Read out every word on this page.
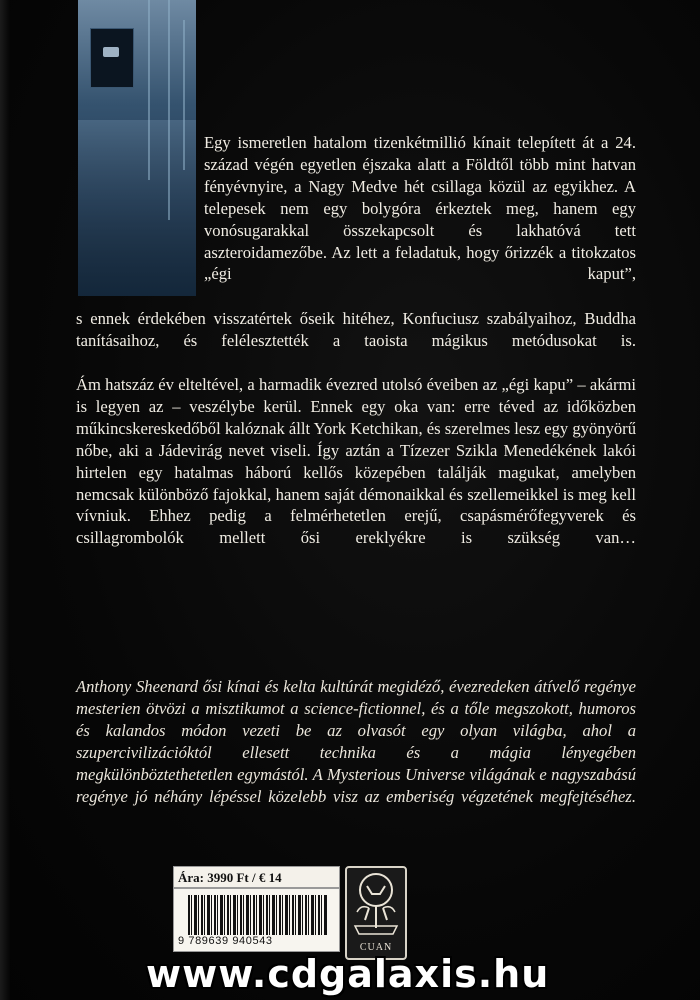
Egy ismeretlen hatalom tizenkétmillió kínait telepített át a 24. század végén egyetlen éjszaka alatt a Földtől több mint hatvan fényévnyire, a Nagy Medve hét csillaga közül az egyikhez. A telepesek nem egy bolygóra érkeztek meg, hanem egy vonósugarakkal összekapcsolt és lakhatóvá tett aszteroidamezőbe. Az lett a feladatuk, hogy őrizzék a titokzatos „égi kaput”,
s ennek érdekében visszatértek őseik hitéhez, Konfuciusz szabályaihoz, Buddha tanításaihoz, és felélesztették a taoista mágikus metódusokat is.
Ám hatszáz év elteltével, a harmadik évezred utolsó éveiben az „égi kapu” – akármi is legyen az – veszélybe kerül. Ennek egy oka van: erre téved az időközben műkincskereskedőből kalóznak állt York Ketchikan, és szerelmes lesz egy gyönyörű nőbe, aki a Jádevirág nevet viseli. Így aztán a Tízezer Szikla Menedékének lakói hirtelen egy hatalmas háború kellős közepében találják magukat, amelyben nemcsak különböző fajokkal, hanem saját démonaikkal és szellemeikkel is meg kell vívniuk. Ehhez pedig a felmérhetetlen erejű, csapásmérőfegyverek és csillagrombolók mellett ősi ereklyékre is szükség van…
Anthony Sheenard ősi kínai és kelta kultúrát megidéző, évezredeken átívelő regénye mesterien ötvözi a misztikumot a science-fictionnel, és a tőle megszokott, humoros és kalandos módon vezeti be az olvasót egy olyan világba, ahol a szupercivilizációktól ellesett technika és a mágia lényegében megkülönböztethetetlen egymástól. A Mysterious Universe világának e nagyszabású regénye jó néhány lépéssel közelebb visz az emberiség végzetének megfejtéséhez.
Ára: 3990 Ft / € 14
9 789639 940543
CUAN
www.cdgalaxis.hu
